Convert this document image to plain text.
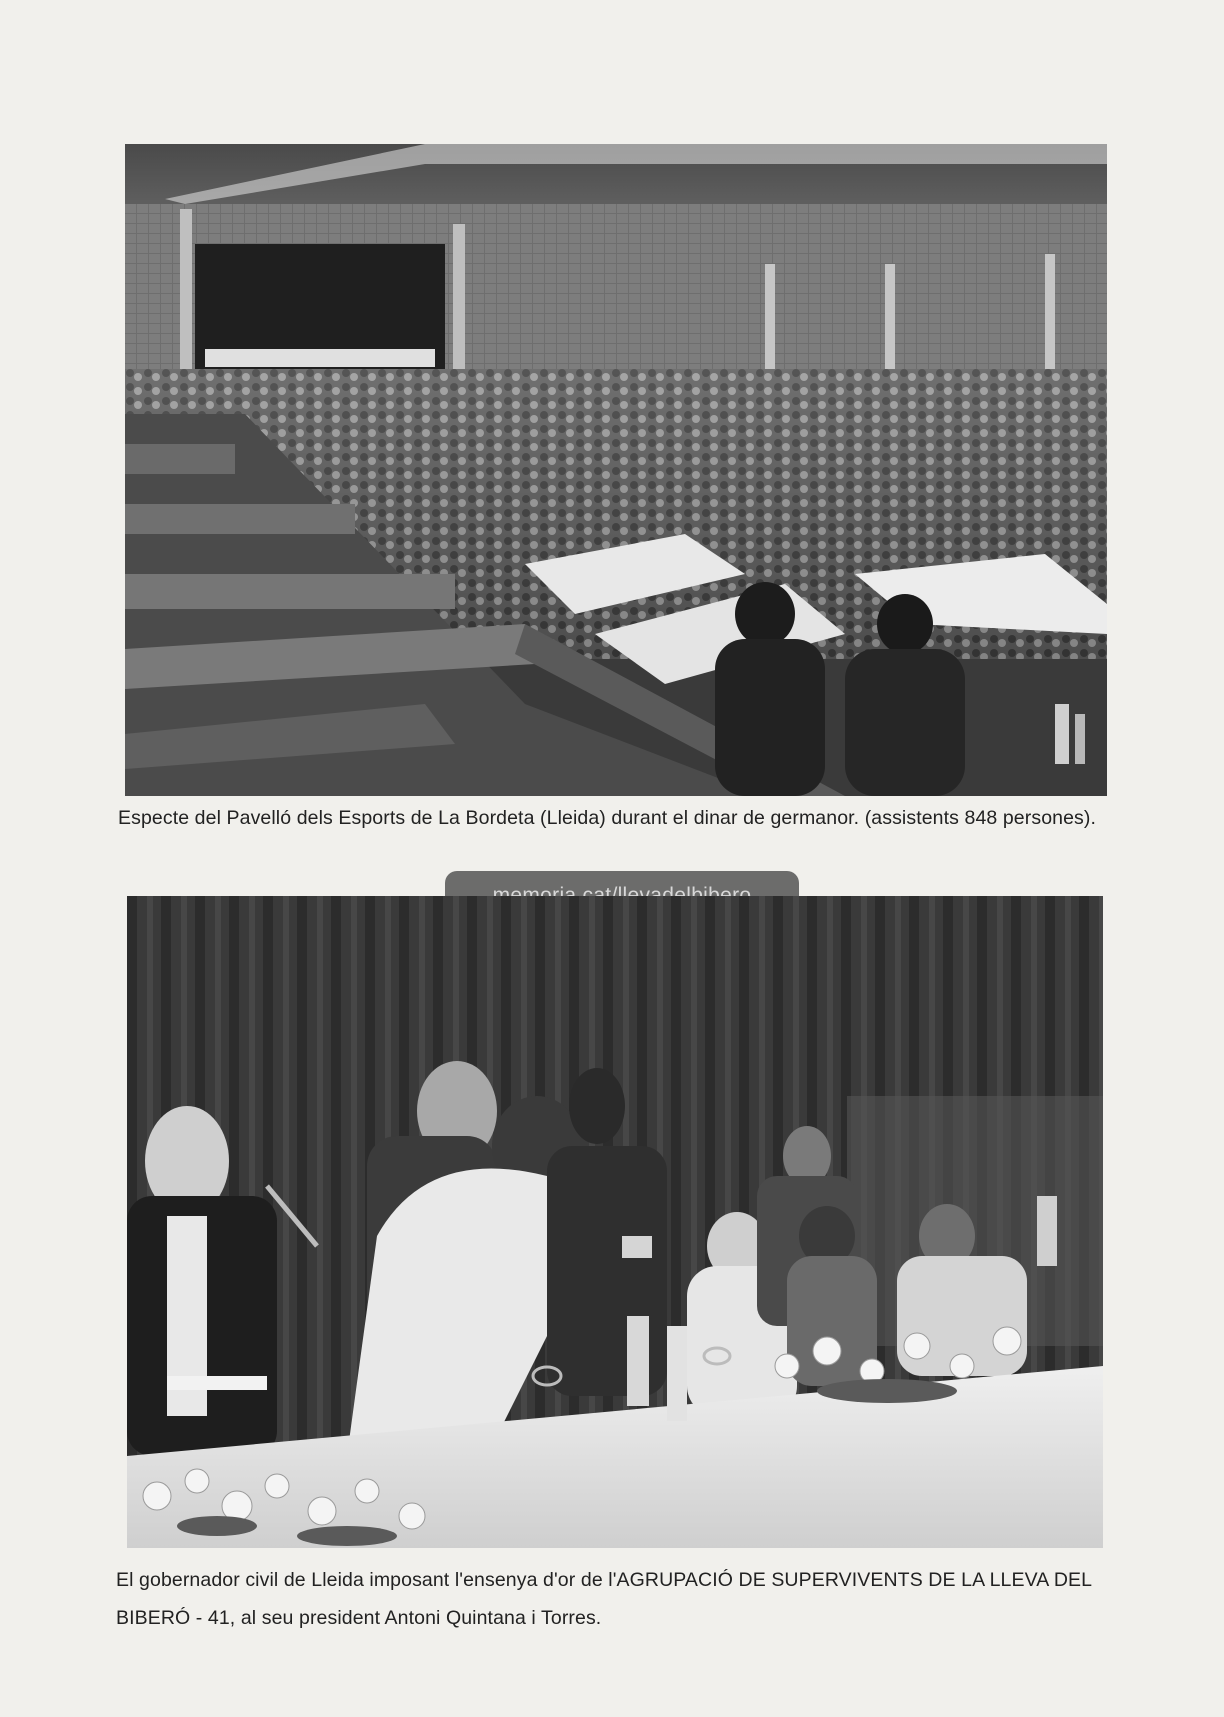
Especte del Pavelló dels Esports de La Bordeta (Lleida) durant el dinar de germanor. (assistents 848 persones).
El gobernador civil de Lleida imposant l'ensenya d'or de l'AGRUPACIÓ DE SUPERVIVENTS DE LA LLEVA DEL BIBERÓ - 41, al seu president Antoni Quintana i Torres.
